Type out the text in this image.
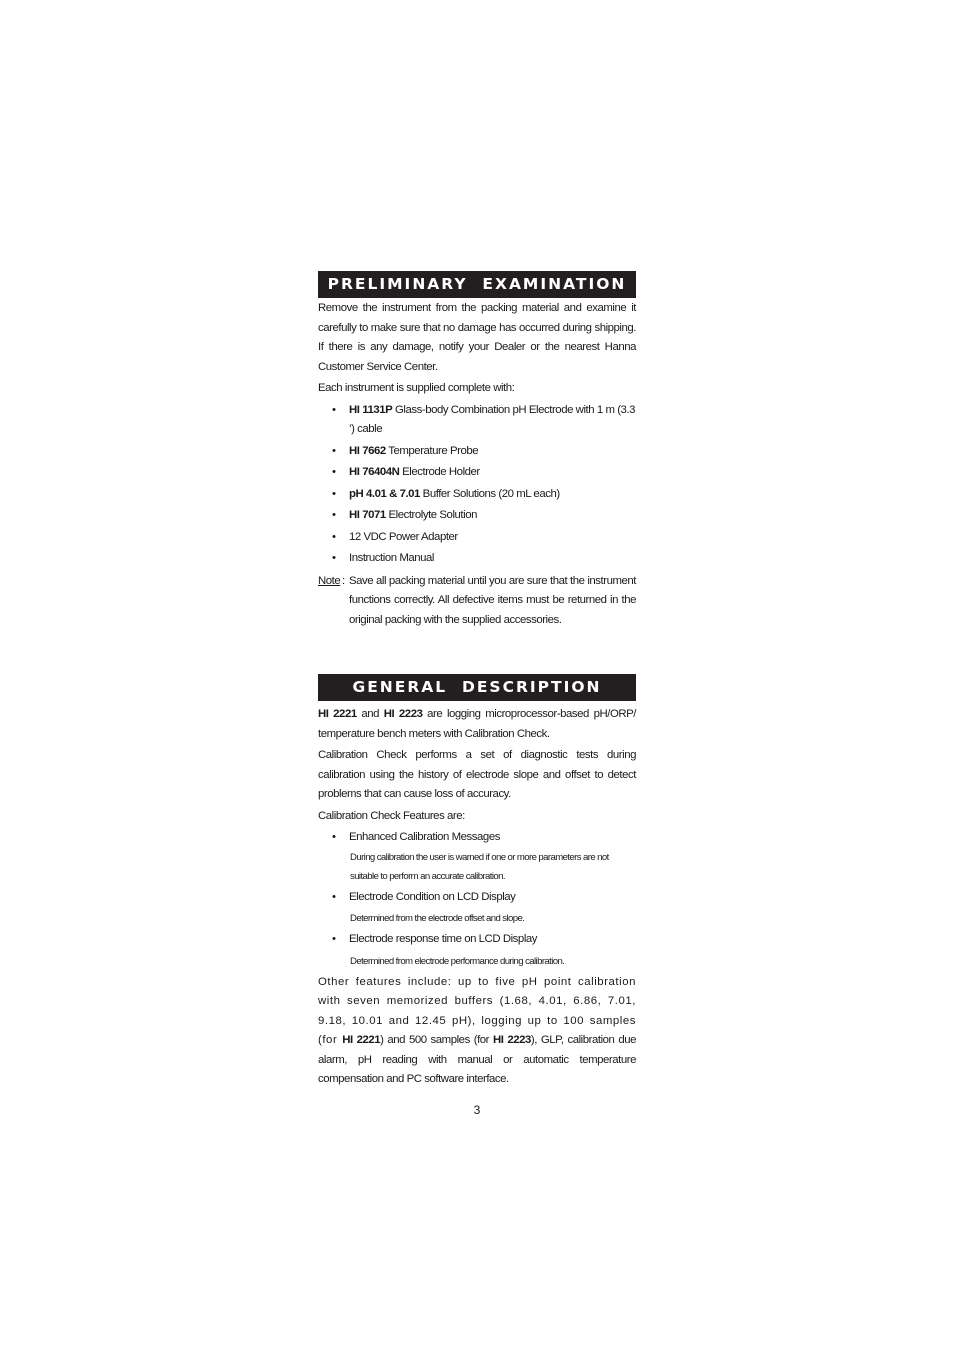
PRELIMINARY  EXAMINATION

Remove the instrument from the packing material and examine it carefully to make sure that no damage has occurred during shipping. If there is any damage, notify your Dealer or the nearest Hanna Customer Service Center.

Each instrument is supplied complete with:

• HI 1131P Glass-body Combination pH Electrode with 1 m (3.3 ’) cable
• HI 7662 Temperature Probe
• HI 76404N Electrode Holder
• pH 4.01 & 7.01 Buffer Solutions (20 mL each)
• HI 7071 Electrolyte Solution
• 12 VDC Power Adapter
• Instruction Manual
Note : Save all packing material until you are sure that the instrument functions correctly. All defective items must be returned in the original packing with the supplied accessories.
GENERAL  DESCRIPTION

HI 2221 and HI 2223 are logging microprocessor-based pH/ORP/ temperature bench meters with Calibration Check.

Calibration Check performs a set of diagnostic tests during calibration using the history of electrode slope and offset to detect problems that can cause loss of accuracy.

Calibration Check Features are:

• Enhanced Calibration Messages

During calibration the user is warned if one or more parameters are not suitable to perform an accurate calibration.

• Electrode Condition on LCD Display

Determined from the electrode offset and slope.

• Electrode response time on LCD Display

Determined from electrode performance during calibration.

Other features include: up to five pH point calibration with seven memorized buffers (1.68, 4.01, 6.86, 7.01, 9.18, 10.01 and 12.45 pH), logging up to 100 samples (for HI 2221) and 500 samples (for HI 2223), GLP, calibration due alarm, pH reading with manual or automatic temperature compensation and PC software interface.

3
